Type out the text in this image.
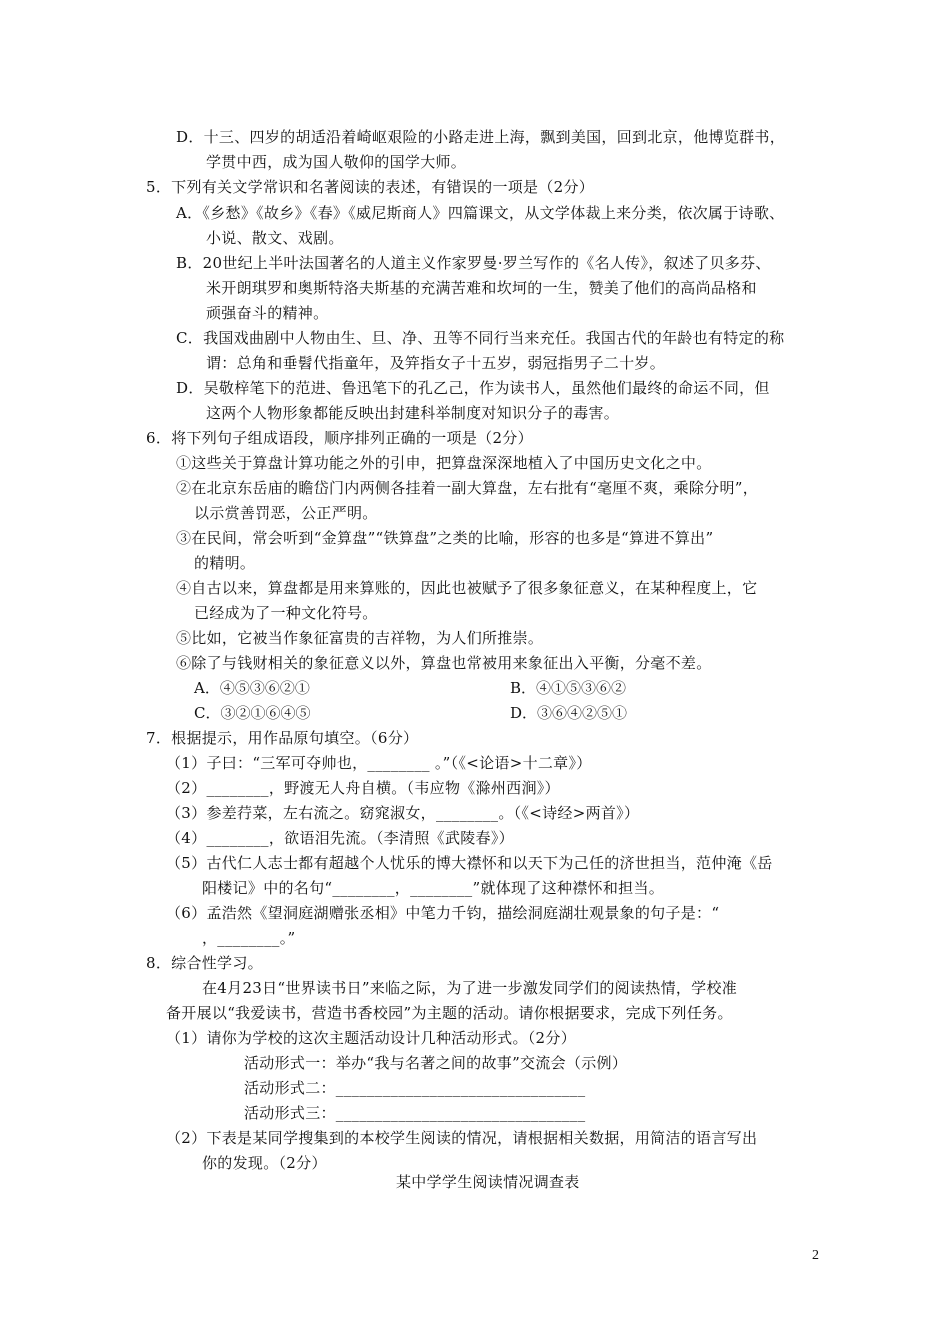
D．十三、四岁的胡适沿着崎岖艰险的小路走进上海，飘到美国，回到北京，他博览群书，
学贯中西，成为国人敬仰的国学大师。
5．下列有关文学常识和名著阅读的表述，有错误的一项是（2分）
A．《乡愁》《故乡》《春》《威尼斯商人》四篇课文，从文学体裁上来分类，依次属于诗歌、
小说、散文、戏剧。
B．20世纪上半叶法国著名的人道主义作家罗曼·罗兰写作的《名人传》，叙述了贝多芬、
米开朗琪罗和奥斯特洛夫斯基的充满苦难和坎坷的一生，赞美了他们的高尚品格和
顽强奋斗的精神。
C．我国戏曲剧中人物由生、旦、净、丑等不同行当来充任。我国古代的年龄也有特定的称
谓：总角和垂髫代指童年，及笄指女子十五岁，弱冠指男子二十岁。
D．吴敬梓笔下的范进、鲁迅笔下的孔乙己，作为读书人，虽然他们最终的命运不同，但
这两个人物形象都能反映出封建科举制度对知识分子的毒害。
6．将下列句子组成语段，顺序排列正确的一项是（2分）
①这些关于算盘计算功能之外的引申，把算盘深深地植入了中国历史文化之中。
②在北京东岳庙的瞻岱门内两侧各挂着一副大算盘，左右批有“毫厘不爽，乘除分明”，
以示赏善罚恶，公正严明。
③在民间，常会听到“金算盘”“铁算盘”之类的比喻，形容的也多是“算进不算出”
的精明。
④自古以来，算盘都是用来算账的，因此也被赋予了很多象征意义，在某种程度上，它
已经成为了一种文化符号。
⑤比如，它被当作象征富贵的吉祥物，为人们所推崇。
⑥除了与钱财相关的象征意义以外，算盘也常被用来象征出入平衡，分毫不差。
A．④⑤③⑥②①	B．④①⑤③⑥②
C．③②①⑥④⑤	D．③⑥④②⑤①
7．根据提示，用作品原句填空。（6分）
（1）子曰：“三军可夺帅也，________ 。”（《<论语>十二章》）
（2）________，野渡无人舟自横。（韦应物《滁州西涧》）
（3）参差荇菜，左右流之。窈窕淑女，________。（《<诗经>两首》）
（4）________，欲语泪先流。（李清照《武陵春》）
（5）古代仁人志士都有超越个人忧乐的博大襟怀和以天下为己任的济世担当，范仲淹《岳
阳楼记》中的名句“________，________”就体现了这种襟怀和担当。
（6）孟浩然《望洞庭湖赠张丞相》中笔力千钧，描绘洞庭湖壮观景象的句子是：“
，________。”
8．综合性学习。
在4月23日“世界读书日”来临之际，为了进一步激发同学们的阅读热情，学校准
备开展以“我爱读书，营造书香校园”为主题的活动。请你根据要求，完成下列任务。
（1）请你为学校的这次主题活动设计几种活动形式。（2分）
活动形式一：举办“我与名著之间的故事”交流会（示例）
活动形式二：________________________________
活动形式三：________________________________
（2）下表是某同学搜集到的本校学生阅读的情况，请根据相关数据，用简洁的语言写出
你的发现。（2分）
某中学学生阅读情况调查表
2
